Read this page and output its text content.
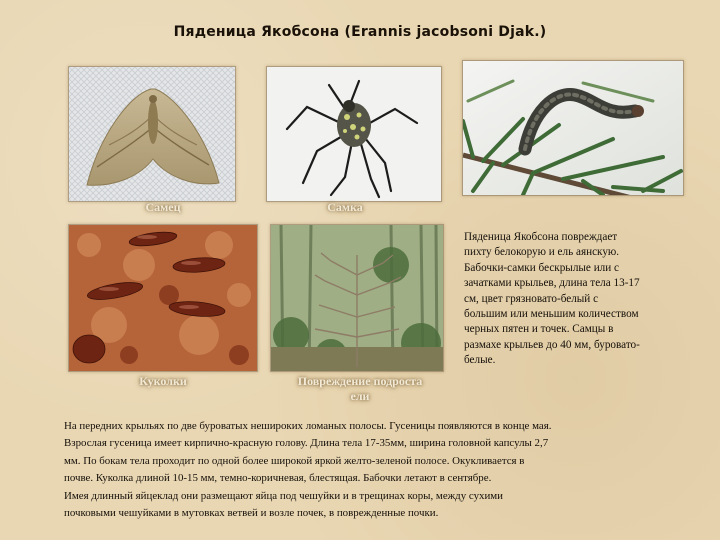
Пяденица Якобсона (Erannis jacobsoni Djak.)
Самец	Самка
Куколки	Повреждение подроста
ели
Пяденица Якобсона повреждает
пихту белокорую и ель аянскую.
Бабочки-самки бескрылые или с
зачатками крыльев, длина тела 13-17
см, цвет грязновато-белый с
большим или меньшим количеством
черных пятен и точек. Самцы в
размахе крыльев до 40 мм, буровато-
белые.
На передних крыльях по две буроватых нешироких ломаных полосы. Гусеницы появляются в конце мая.
Взрослая гусеница имеет кирпично-красную голову. Длина тела 17-35мм, ширина головной капсулы 2,7
мм. По бокам тела проходит по одной более широкой яркой желто-зеленой полосе. Окукливается в
почве. Куколка длиной 10-15 мм, темно-коричневая, блестящая. Бабочки летают в сентябре.
Имея длинный яйцеклад они размещают яйца под чешуйки и в трещинах коры, между сухими
почковыми чешуйками в мутовках ветвей и возле почек, в поврежденные почки.
